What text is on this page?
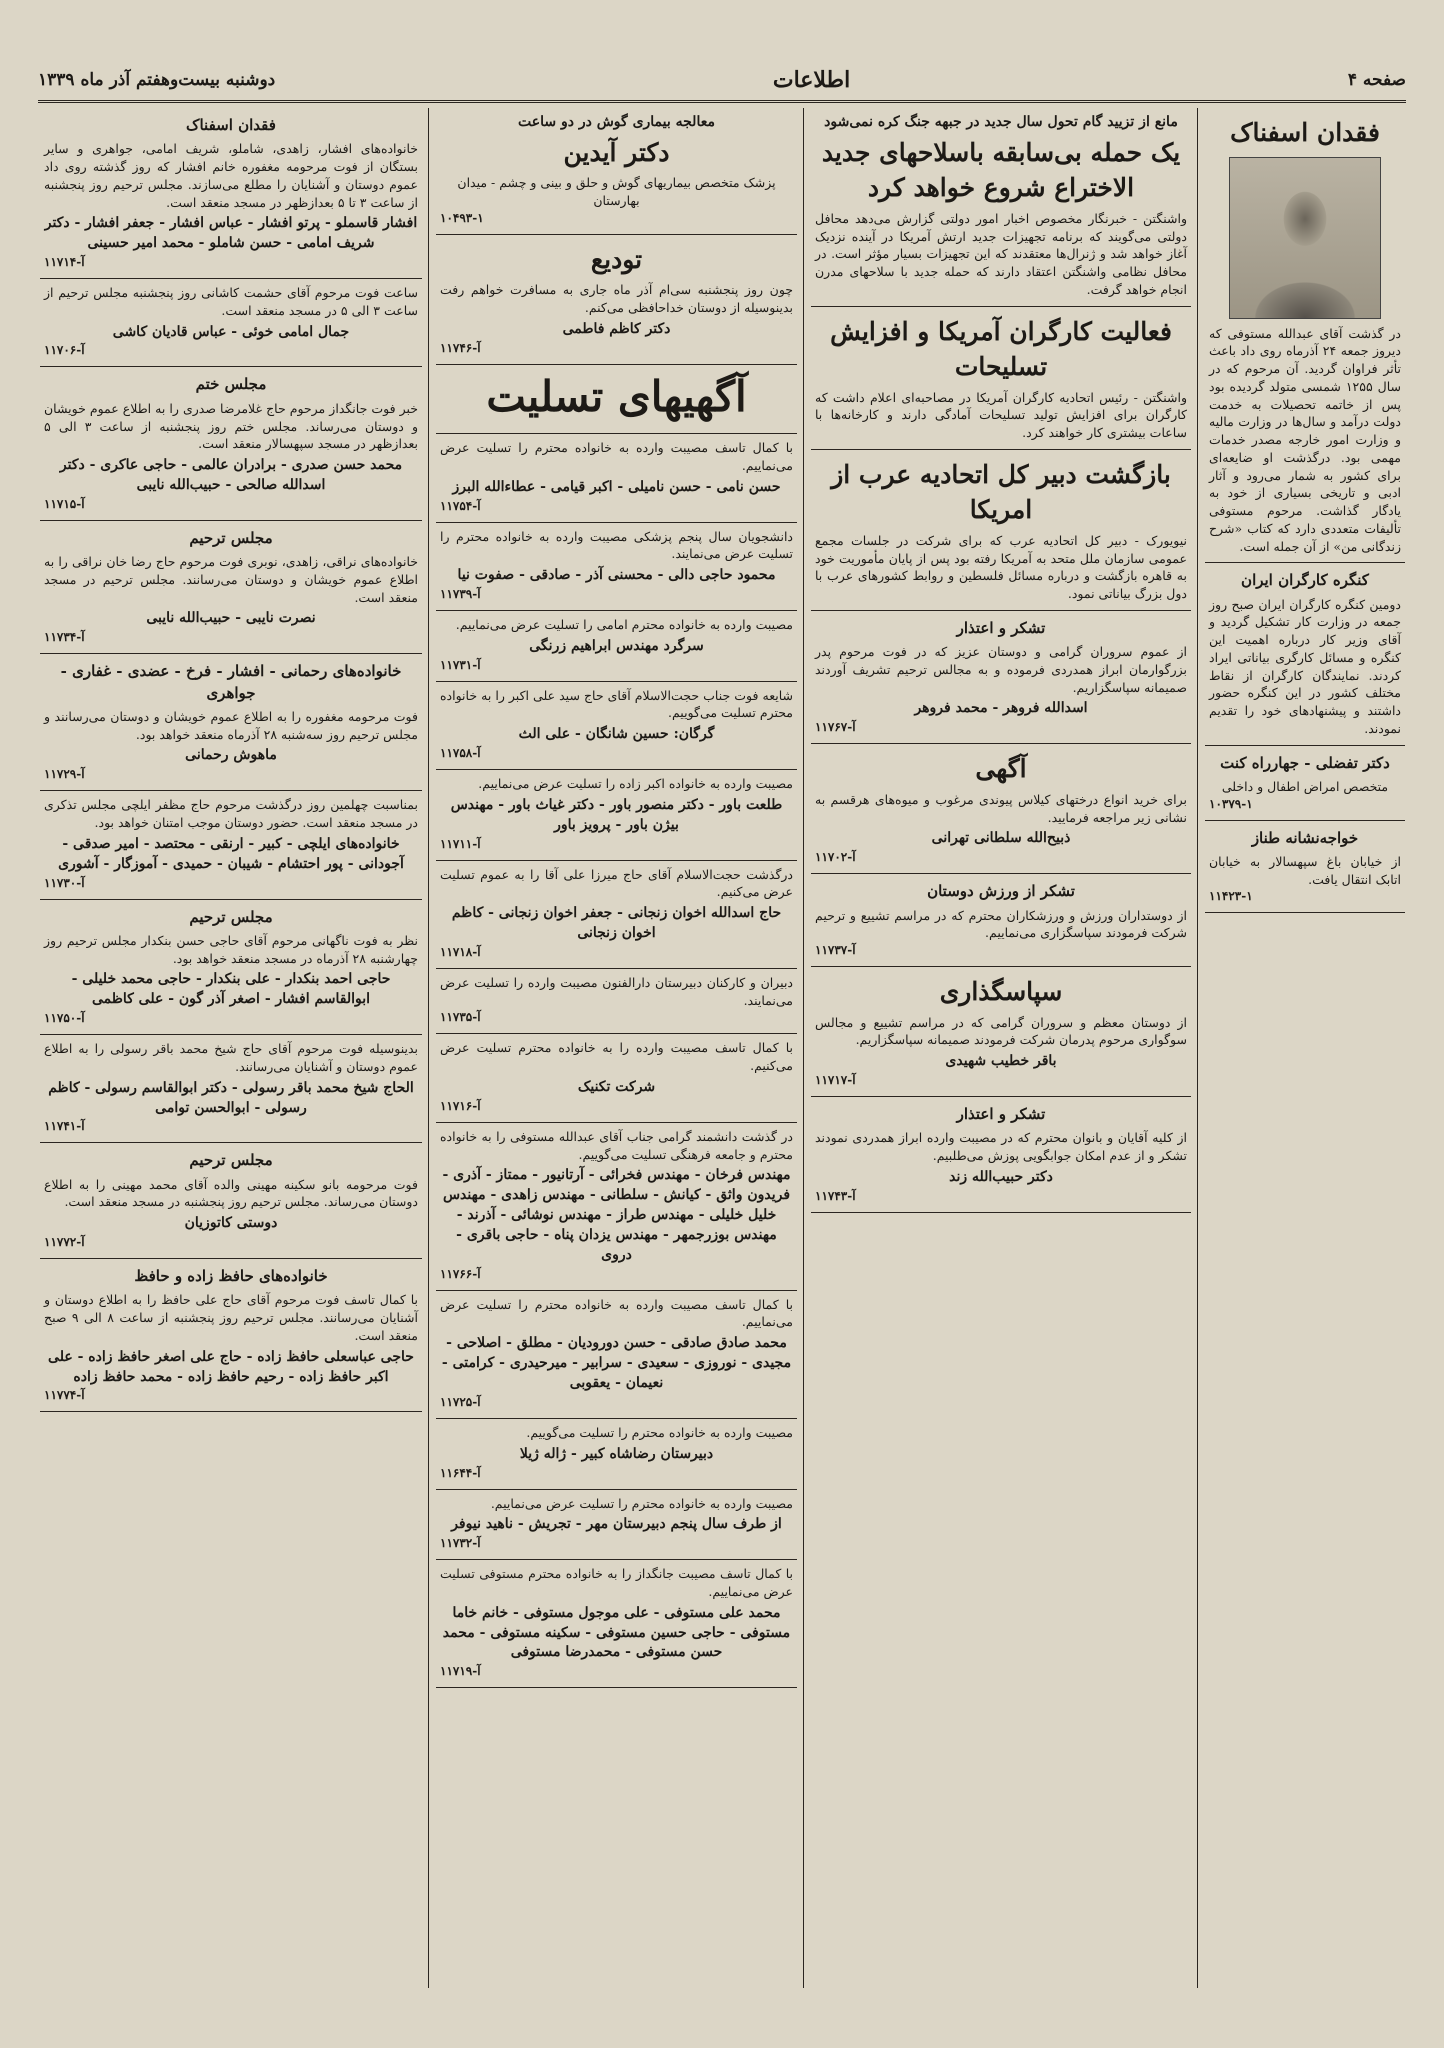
صفحه ۴
اطلاعات
دوشنبه بیست‌وهفتم آذر ماه ۱۳۳۹
فقدان اسفناک
در گذشت آقای عبدالله مستوفی که دیروز جمعه ۲۴ آذرماه روی داد باعث تأثر فراوان گردید. آن مرحوم که در سال ۱۲۵۵ شمسی متولد گردیده بود پس از خاتمه تحصیلات به خدمت دولت درآمد و سال‌ها در وزارت مالیه و وزارت امور خارجه مصدر خدمات مهمی بود. درگذشت او ضایعه‌ای برای کشور به شمار می‌رود و آثار ادبی و تاریخی بسیاری از خود به یادگار گذاشت. مرحوم مستوفی تألیفات متعددی دارد که کتاب «شرح زندگانی من» از آن جمله است.
کنگره کارگران ایران
دومین کنگره کارگران ایران صبح روز جمعه در وزارت کار تشکیل گردید و آقای وزیر کار درباره اهمیت این کنگره و مسائل کارگری بیاناتی ایراد کردند. نمایندگان کارگران از نقاط مختلف کشور در این کنگره حضور داشتند و پیشنهادهای خود را تقدیم نمودند.
دکتر تفضلی - جهارراه کنت
متخصص امراض اطفال و داخلی
۱۰۳۷۹-۱
خواجه‌نشانه طناز
از خیابان باغ سپهسالار به خیابان اتابک انتقال یافت.
۱۱۴۲۳-۱
مانع از تزیید گام تحول سال جدید در جبهه جنگ کره نمی‌شود
یک حمله بی‌سابقه باسلاحهای جدید الاختراع شروع خواهد کرد
واشنگتن - خبرنگار مخصوص اخبار امور دولتی گزارش می‌دهد محافل دولتی می‌گویند که برنامه تجهیزات جدید ارتش آمریکا در آینده نزدیک آغاز خواهد شد و ژنرال‌ها معتقدند که این تجهیزات بسیار مؤثر است. در محافل نظامی واشنگتن اعتقاد دارند که حمله جدید با سلاحهای مدرن انجام خواهد گرفت.
فعالیت کارگران آمریکا و افزایش تسلیحات
واشنگتن - رئیس اتحادیه کارگران آمریکا در مصاحبه‌ای اعلام داشت که کارگران برای افزایش تولید تسلیحات آمادگی دارند و کارخانه‌ها با ساعات بیشتری کار خواهند کرد.
بازگشت دبیر کل اتحادیه عرب از امریکا
نیویورک - دبیر کل اتحادیه عرب که برای شرکت در جلسات مجمع عمومی سازمان ملل متحد به آمریکا رفته بود پس از پایان مأموریت خود به قاهره بازگشت و درباره مسائل فلسطین و روابط کشورهای عرب با دول بزرگ بیاناتی نمود.
تشکر و اعتذار
از عموم سروران گرامی و دوستان عزیز که در فوت مرحوم پدر بزرگوارمان ابراز همدردی فرموده و به مجالس ترحیم تشریف آوردند صمیمانه سپاسگزاریم.
اسدالله فروهر - محمد فروهر
۱۱۷۶۷-آ
آگهی
برای خرید انواع درختهای کیلاس پیوندی مرغوب و میوه‌های هرقسم به نشانی زیر مراجعه فرمایید.
ذبیح‌الله سلطانی تهرانی
۱۱۷۰۲-آ
تشکر از ورزش دوستان
از دوستداران ورزش و ورزشکاران محترم که در مراسم تشییع و ترحیم شرکت فرمودند سپاسگزاری می‌نماییم.
۱۱۷۳۷-آ
سپاسگذاری
از دوستان معظم و سروران گرامی که در مراسم تشییع و مجالس سوگواری مرحوم پدرمان شرکت فرمودند صمیمانه سپاسگزاریم.
باقر خطیب شهیدی
۱۱۷۱۷-آ
تشکر و اعتذار
از کلیه آقایان و بانوان محترم که در مصیبت وارده ابراز همدردی نمودند تشکر و از عدم امکان جوابگویی پوزش می‌طلبیم.
دکتر حبیب‌الله زند
۱۱۷۴۳-آ
معالجه بیماری گوش در دو ساعت
دکتر آیدین
پزشک متخصص بیماریهای گوش و حلق و بینی و چشم - میدان بهارستان
۱۰۴۹۳-۱
تودیع
چون روز پنجشنبه سی‌ام آذر ماه جاری به مسافرت خواهم رفت بدینوسیله از دوستان خداحافظی می‌کنم.
دکتر کاظم فاطمی
۱۱۷۴۶-آ
آگهیهای تسلیت
با کمال تاسف مصیبت وارده به خانواده محترم را تسلیت عرض می‌نماییم.
حسن نامی - حسن نامیلی - اکبر قیامی - عطاءالله البرز
۱۱۷۵۴-آ
دانشجویان سال پنجم پزشکی مصیبت وارده به خانواده محترم را تسلیت عرض می‌نمایند.
محمود حاجی دالی - محسنی آذر - صادقی - صفوت نیا
۱۱۷۳۹-آ
مصیبت وارده به خانواده محترم امامی را تسلیت عرض می‌نماییم.
سرگرد مهندس ابراهیم زرنگی
۱۱۷۳۱-آ
شایعه فوت جناب حجت‌الاسلام آقای حاج سید علی اکبر را به خانواده محترم تسلیت می‌گوییم.
گرگان: حسین شانگان - علی الث
۱۱۷۵۸-آ
مصیبت وارده به خانواده اکبر زاده را تسلیت عرض می‌نماییم.
طلعت باور - دکتر منصور باور - دکتر غیاث باور - مهندس بیژن باور - پرویز باور
۱۱۷۱۱-آ
درگذشت حجت‌الاسلام آقای حاج میرزا علی آقا را به عموم تسلیت عرض می‌کنیم.
حاج اسدالله اخوان زنجانی - جعفر اخوان زنجانی - کاظم اخوان زنجانی
۱۱۷۱۸-آ
دبیران و کارکنان دبیرستان دارالفنون مصیبت وارده را تسلیت عرض می‌نمایند.
۱۱۷۳۵-آ
با کمال تاسف مصیبت وارده را به خانواده محترم تسلیت عرض می‌کنیم.
شرکت تکنیک
۱۱۷۱۶-آ
در گذشت دانشمند گرامی جناب آقای عبدالله مستوفی را به خانواده محترم و جامعه فرهنگی تسلیت می‌گوییم.
مهندس فرخان - مهندس فخرائی - آرتانیور - ممتاز - آذری - فریدون واثق - کیانش - سلطانی - مهندس زاهدی - مهندس خلیل خلیلی - مهندس طراز - مهندس نوشائی - آذرند - مهندس بوزرجمهر - مهندس یزدان پناه - حاجی باقری - دروی
۱۱۷۶۶-آ
با کمال تاسف مصیبت وارده به خانواده محترم را تسلیت عرض می‌نماییم.
محمد صادق صادقی - حسن دورودیان - مطلق - اصلاحی - مجیدی - نوروزی - سعیدی - سرابیر - میرحیدری - کرامتی - نعیمان - یعقوبی
۱۱۷۲۵-آ
مصیبت وارده به خانواده محترم را تسلیت می‌گوییم.
دبیرستان رضاشاه کبیر - ژاله ژیلا
۱۱۶۴۴-آ
مصیبت وارده به خانواده محترم را تسلیت عرض می‌نماییم.
از طرف سال پنجم دبیرستان مهر - تجریش - ناهید نیوفر
۱۱۷۳۲-آ
با کمال تاسف مصیبت جانگداز را به خانواده محترم مستوفی تسلیت عرض می‌نماییم.
محمد علی مستوفی - علی موجول مستوفی - خانم خاما مستوفی - حاجی حسین مستوفی - سکینه مستوفی - محمد حسن مستوفی - محمدرضا مستوفی
۱۱۷۱۹-آ
فقدان اسفناک
خانواده‌های افشار، زاهدی، شاملو، شریف امامی، جواهری و سایر بستگان از فوت مرحومه مغفوره خانم افشار که روز گذشته روی داد عموم دوستان و آشنایان را مطلع می‌سازند. مجلس ترحیم روز پنجشنبه از ساعت ۳ تا ۵ بعدازظهر در مسجد منعقد است.
افشار قاسملو - پرتو افشار - عباس افشار - جعفر افشار - دکتر شریف امامی - حسن شاملو - محمد امیر حسینی
۱۱۷۱۴-آ
ساعت فوت مرحوم آقای حشمت کاشانی روز پنجشنبه مجلس ترحیم از ساعت ۳ الی ۵ در مسجد منعقد است.
جمال امامی خوئی - عباس قادیان کاشی
۱۱۷۰۶-آ
مجلس ختم
خبر فوت جانگداز مرحوم حاج غلامرضا صدری را به اطلاع عموم خویشان و دوستان می‌رساند. مجلس ختم روز پنجشنبه از ساعت ۳ الی ۵ بعدازظهر در مسجد سپهسالار منعقد است.
محمد حسن صدری - برادران عالمی - حاجی عاکری - دکتر اسدالله صالحی - حبیب‌الله نایبی
۱۱۷۱۵-آ
مجلس ترحیم
خانواده‌های نراقی، زاهدی، نوبری فوت مرحوم حاج رضا خان نراقی را به اطلاع عموم خویشان و دوستان می‌رسانند. مجلس ترحیم در مسجد منعقد است.
نصرت نایبی - حبیب‌الله نایبی
۱۱۷۳۴-آ
خانواده‌های رحمانی - افشار - فرخ - عضدی - غفاری - جواهری
فوت مرحومه مغفوره را به اطلاع عموم خویشان و دوستان می‌رسانند و مجلس ترحیم روز سه‌شنبه ۲۸ آذرماه منعقد خواهد بود.
ماهوش رحمانی
۱۱۷۲۹-آ
بمناسبت چهلمین روز درگذشت مرحوم حاج مظفر ایلچی مجلس تذکری در مسجد منعقد است. حضور دوستان موجب امتنان خواهد بود.
خانواده‌های ایلچی - کبیر - ارنقی - محتصد - امیر صدقی - آجودانی - پور احتشام - شیبان - حمیدی - آموزگار - آشوری
۱۱۷۳۰-آ
مجلس ترحیم
نظر به فوت ناگهانی مرحوم آقای حاجی حسن بنکدار مجلس ترحیم روز چهارشنبه ۲۸ آذرماه در مسجد منعقد خواهد بود.
حاجی احمد بنکدار - علی بنکدار - حاجی محمد خلیلی - ابوالقاسم افشار - اصغر آذر گون - علی کاظمی
۱۱۷۵۰-آ
بدینوسیله فوت مرحوم آقای حاج شیخ محمد باقر رسولی را به اطلاع عموم دوستان و آشنایان می‌رسانند.
الحاج شیخ محمد باقر رسولی - دکتر ابوالقاسم رسولی - کاظم رسولی - ابوالحسن توامی
۱۱۷۴۱-آ
مجلس ترحیم
فوت مرحومه بانو سکینه مهینی والده آقای محمد مهینی را به اطلاع دوستان می‌رساند. مجلس ترحیم روز پنجشنبه در مسجد منعقد است.
دوستی کاتوزیان
۱۱۷۷۲-آ
خانواده‌های حافظ زاده و حافظ
با کمال تاسف فوت مرحوم آقای حاج علی حافظ را به اطلاع دوستان و آشنایان می‌رسانند. مجلس ترحیم روز پنجشنبه از ساعت ۸ الی ۹ صبح منعقد است.
حاجی عباسعلی حافظ زاده - حاج علی اصغر حافظ زاده - علی اکبر حافظ زاده - رحیم حافظ زاده - محمد حافظ زاده
۱۱۷۷۴-آ
